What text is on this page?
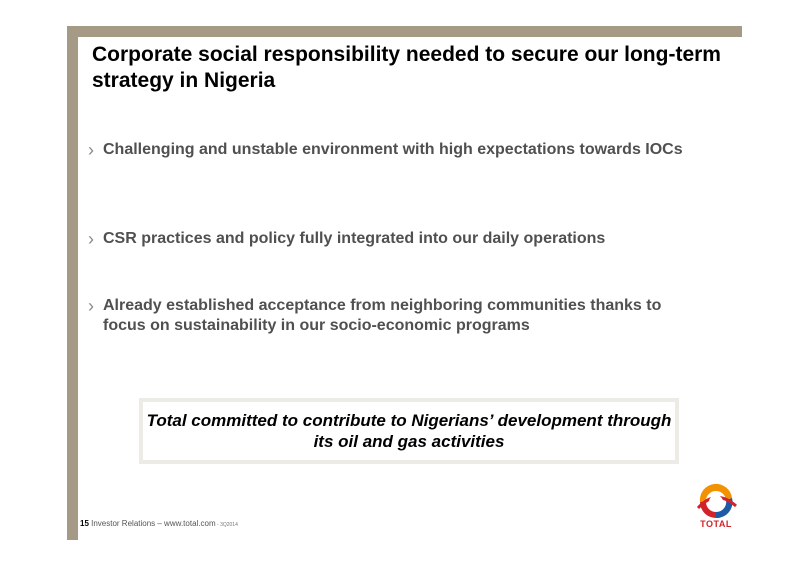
Corporate social responsibility needed to secure our long-term strategy in Nigeria
› Challenging and unstable environment with high expectations towards IOCs
› CSR practices and policy fully integrated into our daily operations
› Already established acceptance from neighboring communities thanks to focus on sustainability in our socio-economic programs
Total committed to contribute to Nigerians’ development through its oil and gas activities
15 Investor Relations – www.total.com - 3Q2014	TOTAL
